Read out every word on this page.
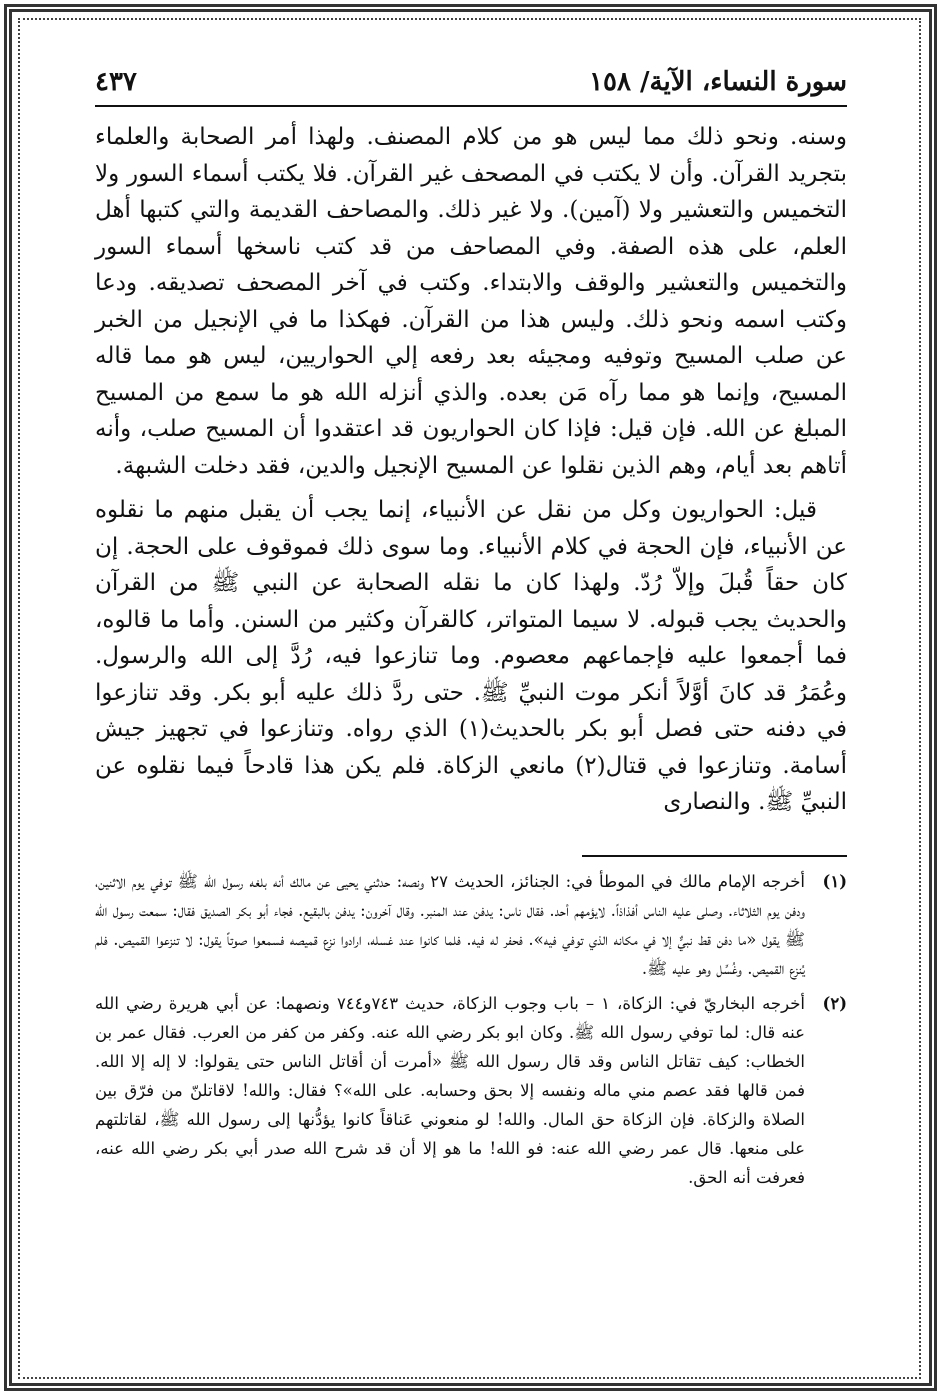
سورة النساء، الآية/ ١٥٨
٤٣٧

وسنه. ونحو ذلك مما ليس هو من كلام المصنف. ولهذا أمر الصحابة والعلماء بتجريد القرآن. وأن لا يكتب في المصحف غير القرآن. فلا يكتب أسماء السور ولا التخميس والتعشير ولا (آمين). ولا غير ذلك. والمصاحف القديمة والتي كتبها أهل العلم، على هذه الصفة. وفي المصاحف من قد كتب ناسخها أسماء السور والتخميس والتعشير والوقف والابتداء. وكتب في آخر المصحف تصديقه. ودعا وكتب اسمه ونحو ذلك. وليس هذا من القرآن. فهكذا ما في الإنجيل من الخبر عن صلب المسيح وتوفيه ومجيئه بعد رفعه إلي الحواريين، ليس هو مما قاله المسيح، وإنما هو مما رآه مَن بعده. والذي أنزله الله هو ما سمع من المسيح المبلغ عن الله. فإن قيل: فإذا كان الحواريون قد اعتقدوا أن المسيح صلب، وأنه أتاهم بعد أيام، وهم الذين نقلوا عن المسيح الإنجيل والدين، فقد دخلت الشبهة.

قيل: الحواريون وكل من نقل عن الأنبياء، إنما يجب أن يقبل منهم ما نقلوه عن الأنبياء، فإن الحجة في كلام الأنبياء. وما سوى ذلك فموقوف على الحجة. إن كان حقاً قُبلَ وإلاّ رُدّ. ولهذا كان ما نقله الصحابة عن النبي ﷺ من القرآن والحديث يجب قبوله. لا سيما المتواتر، كالقرآن وكثير من السنن. وأما ما قالوه، فما أجمعوا عليه فإجماعهم معصوم. وما تنازعوا فيه، رُدَّ إلى الله والرسول. وعُمَرُ قد كانَ أوَّلاً أنكر موت النبيِّ ﷺ. حتى ردَّ ذلك عليه أبو بكر. وقد تنازعوا في دفنه حتى فصل أبو بكر بالحديث(١) الذي رواه. وتنازعوا في تجهيز جيش أسامة. وتنازعوا في قتال(٢) مانعي الزكاة. فلم يكن هذا قادحاً فيما نقلوه عن النبيِّ ﷺ. والنصارى

(١)
أخرجه الإمام مالك في الموطأ في: الجنائز، الحديث ٢٧ ونصه: حدثني يحيى عن مالك أنه بلغه رسول الله ﷺ توفي يوم الاثنين، ودفن يوم الثلاثاء. وصلى عليه الناس أفذاذاً. لايؤمهم أحد. فقال ناس: يدفن عند المنبر. وقال آخرون: يدفن بالبقيع. فجاء أبو بكر الصديق فقال: سمعت رسول الله ﷺ يقول «ما دفن قط نبيٌّ إلا في مكانه الذي توفي فيه». فحفر له فيه. فلما كانوا عند غسله، ارادوا نزع قميصه فسمعوا صوتاً يقول: لا تنزعوا القميص. فلم يُنزع القميص. وغُسِّل وهو عليه ﷺ.
(٢)
أخرجه البخاريّ في: الزكاة، ١ – باب وجوب الزكاة، حديث ٧٤٣و٧٤٤ ونصهما: عن أبي هريرة رضي الله عنه قال: لما توفي رسول الله ﷺ. وكان ابو بكر رضي الله عنه. وكفر من كفر من العرب. فقال عمر بن الخطاب: كيف تقاتل الناس وقد قال رسول الله ﷺ «أمرت أن أقاتل الناس حتى يقولوا: لا إله إلا الله. فمن قالها فقد عصم مني ماله ونفسه إلا بحق وحسابه. على الله»؟ فقال: والله! لاقاتلنّ من فرّق بين الصلاة والزكاة. فإن الزكاة حق المال. والله! لو منعوني عَناقاً كانوا يؤدُّنها إلى رسول الله ﷺ، لقاتلتهم على منعها. قال عمر رضي الله عنه: فو الله! ما هو إلا أن قد شرح الله صدر أبي بكر رضي الله عنه، فعرفت أنه الحق.
